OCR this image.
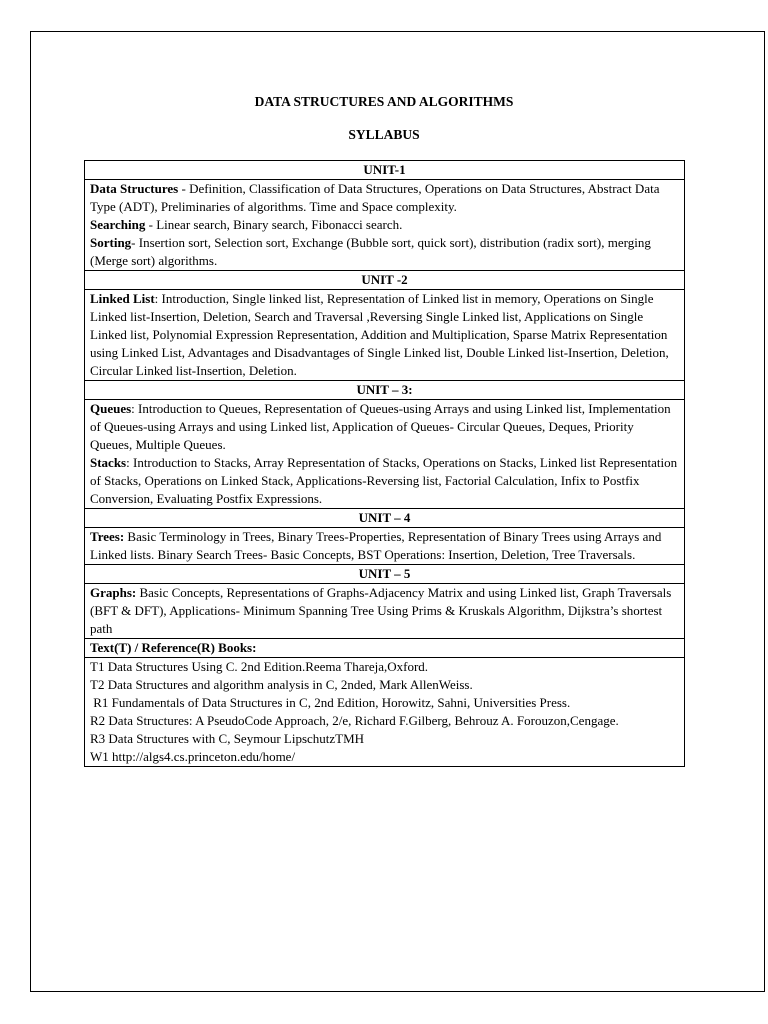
DATA STRUCTURES AND ALGORITHMS
SYLLABUS
UNIT-1

Data Structures - Definition, Classification of Data Structures, Operations on Data Structures, Abstract Data Type (ADT), Preliminaries of algorithms. Time and Space complexity.
Searching - Linear search, Binary search, Fibonacci search.
Sorting- Insertion sort, Selection sort, Exchange (Bubble sort, quick sort), distribution (radix sort), merging (Merge sort) algorithms.

UNIT -2

Linked List: Introduction, Single linked list, Representation of Linked list in memory, Operations on Single Linked list-Insertion, Deletion, Search and Traversal ,Reversing Single Linked list, Applications on Single Linked list, Polynomial Expression Representation, Addition and Multiplication, Sparse Matrix Representation using Linked List, Advantages and Disadvantages of Single Linked list, Double Linked list-Insertion, Deletion, Circular Linked list-Insertion, Deletion.

UNIT – 3:

Queues: Introduction to Queues, Representation of Queues-using Arrays and using Linked list, Implementation of Queues-using Arrays and using Linked list, Application of Queues- Circular Queues, Deques, Priority Queues, Multiple Queues.
Stacks: Introduction to Stacks, Array Representation of Stacks, Operations on Stacks, Linked list Representation of Stacks, Operations on Linked Stack, Applications-Reversing list, Factorial Calculation, Infix to Postfix Conversion, Evaluating Postfix Expressions.

UNIT – 4

Trees: Basic Terminology in Trees, Binary Trees-Properties, Representation of Binary Trees using Arrays and Linked lists. Binary Search Trees- Basic Concepts, BST Operations: Insertion, Deletion, Tree Traversals.

UNIT – 5

Graphs: Basic Concepts, Representations of Graphs-Adjacency Matrix and using Linked list, Graph Traversals (BFT & DFT), Applications- Minimum Spanning Tree Using Prims & Kruskals Algorithm, Dijkstra’s shortest path

Text(T) / Reference(R) Books:

T1 Data Structures Using C. 2nd Edition.Reema Thareja,Oxford.
T2 Data Structures and algorithm analysis in C, 2nded, Mark AllenWeiss.
R1 Fundamentals of Data Structures in C, 2nd Edition, Horowitz, Sahni, Universities Press.
R2 Data Structures: A PseudoCode Approach, 2/e, Richard F.Gilberg, Behrouz A. Forouzon,Cengage.
R3 Data Structures with C, Seymour LipschutzTMH
W1 http://algs4.cs.princeton.edu/home/
